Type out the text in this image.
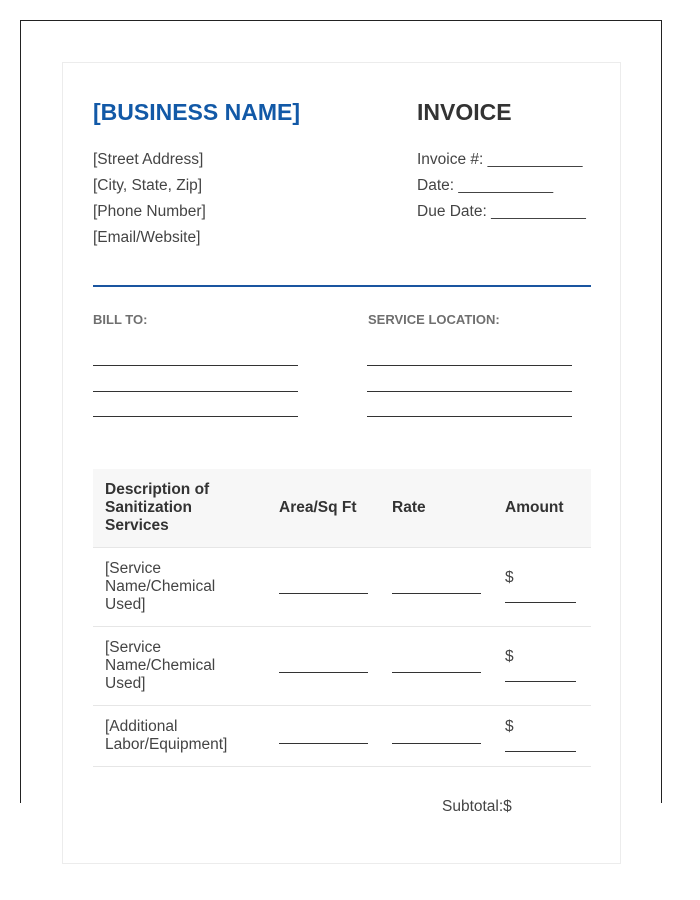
[BUSINESS NAME]	INVOICE
[Street Address]
[City, State, Zip]
[Phone Number]
[Email/Website]
Invoice #: ___________
Date: ___________
Due Date: ___________
BILL TO:	SERVICE LOCATION:
Description of Sanitization Services	Area/Sq Ft	Rate	Amount
[Service Name/Chemical Used]			$

[Service Name/Chemical Used]			$

[Additional Labor/Equipment]			$
Subtotal:$
